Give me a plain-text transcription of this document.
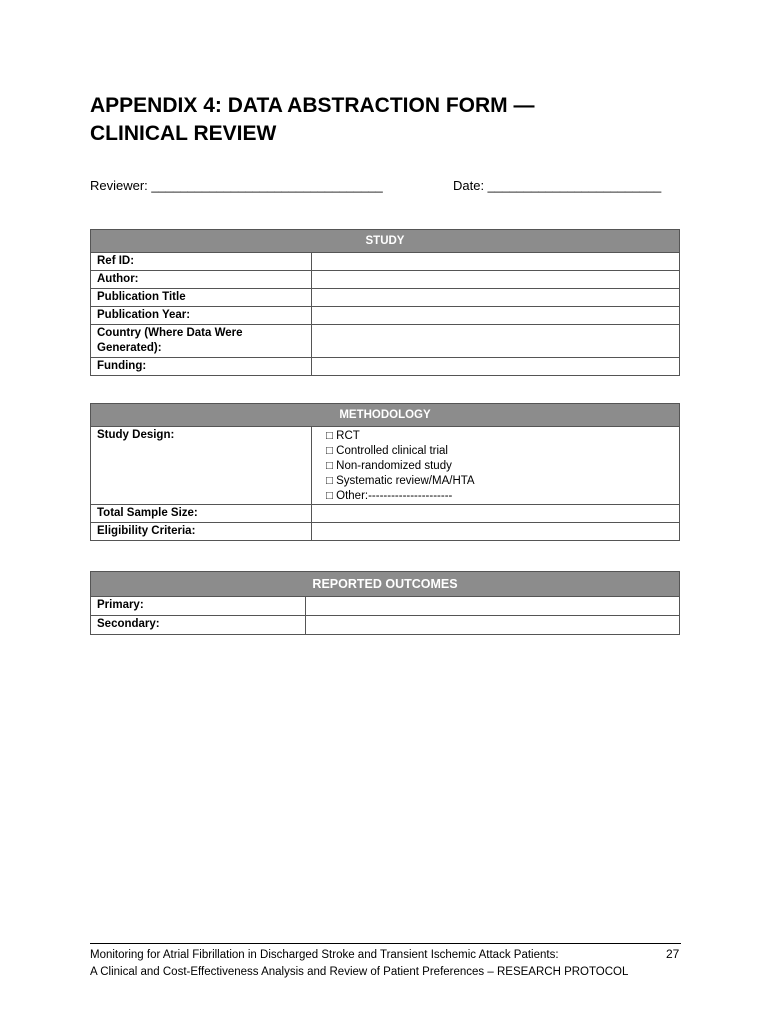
APPENDIX 4: DATA ABSTRACTION FORM —
CLINICAL REVIEW
Reviewer: ________________________________	Date: ________________________
STUDY	
Ref ID:	
Author:	
Publication Title	
Publication Year:	

Country (Where Data Were
Generated):	

Funding:	
METHODOLOGY	
Study Design:	□ RCT
□ Controlled clinical trial
□ Non-randomized study
□ Systematic review/MA/HTA
□ Other:----------------------

Total Sample Size:	
Eligibility Criteria:	
REPORTED OUTCOMES	
Primary:	
Secondary:	
Monitoring for Atrial Fibrillation in Discharged Stroke and Transient Ischemic Attack Patients:
A Clinical and Cost-Effectiveness Analysis and Review of Patient Preferences – RESEARCH PROTOCOL
27
